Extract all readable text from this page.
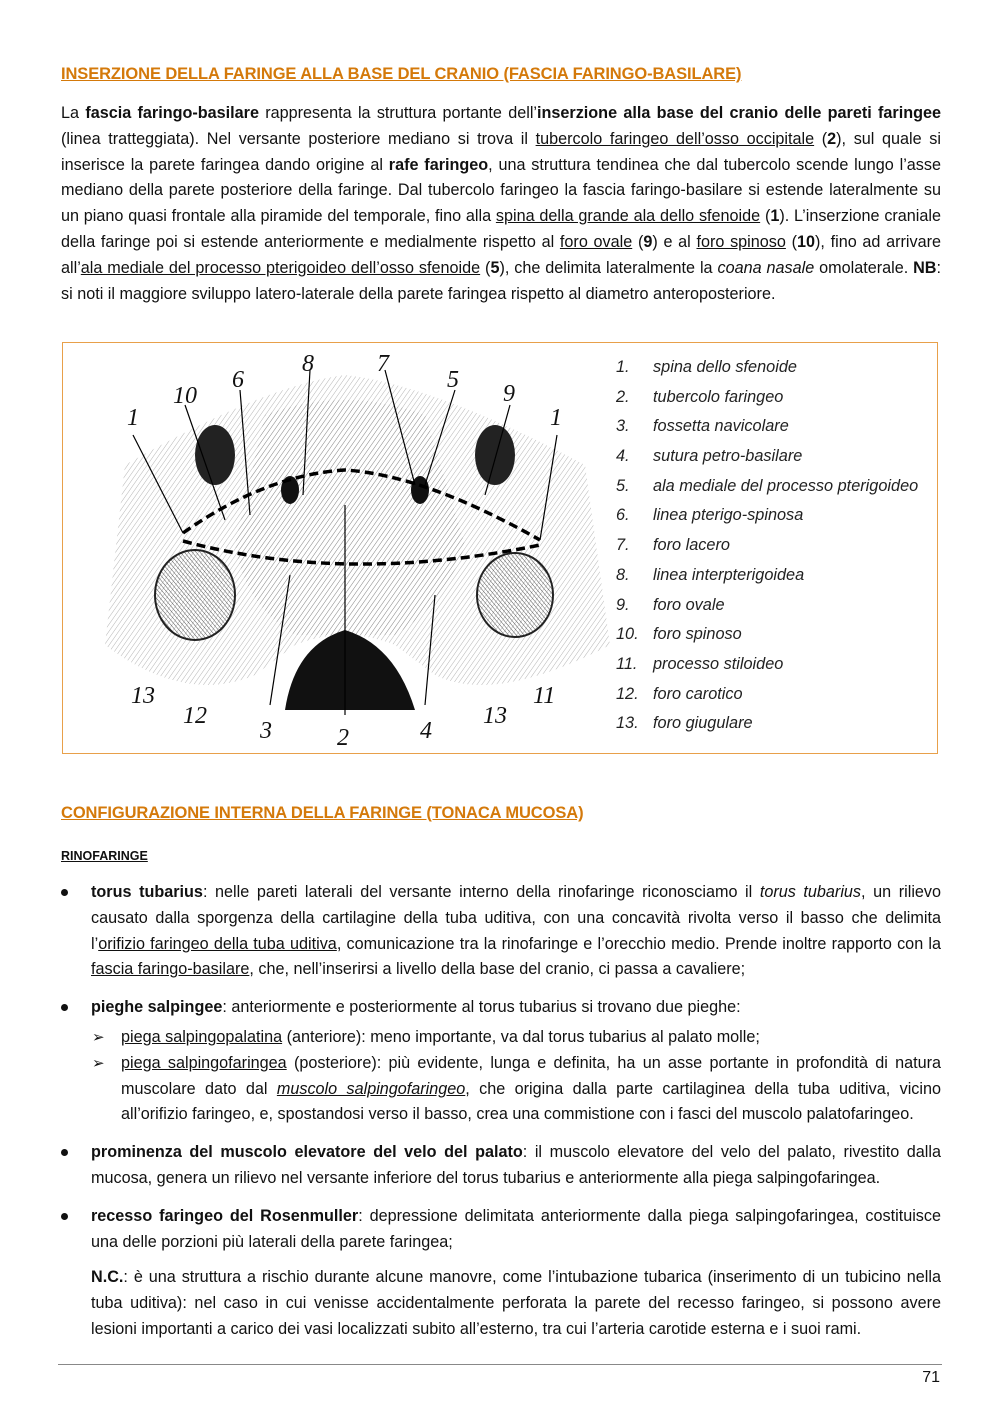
INSERZIONE DELLA FARINGE ALLA BASE DEL CRANIO (FASCIA FARINGO-BASILARE)

La fascia faringo-basilare rappresenta la struttura portante dell’inserzione alla base del cranio delle pareti faringee (linea tratteggiata). Nel versante posteriore mediano si trova il tubercolo faringeo dell’osso occipitale (2), sul quale si inserisce la parete faringea dando origine al rafe faringeo, una struttura tendinea che dal tubercolo scende lungo l’asse mediano della parete posteriore della faringe. Dal tubercolo faringeo la fascia faringo-basilare si estende lateralmente su un piano quasi frontale alla piramide del temporale, fino alla spina della grande ala dello sfenoide (1). L’inserzione craniale della faringe poi si estende anteriormente e medialmente rispetto al foro ovale (9) e al foro spinoso (10), fino ad arrivare all’ala mediale del processo pterigoideo dell’osso sfenoide (5), che delimita lateralmente la coana nasale omolaterale. NB: si noti il maggiore sviluppo latero-laterale della parete faringea rispetto al diametro anteroposteriore.

10
6
8	7
5
9
1	1
13
12
3	2	4
13
11
1. spina dello sfenoide
2. tubercolo faringeo
3. fossetta navicolare
4. sutura petro-basilare
5. ala mediale del processo pterigoideo
6. linea pterigo-spinosa
7. foro lacero
8. linea interpterigoidea
9. foro ovale
10. foro spinoso
11. processo stiloideo
12. foro carotico
13. foro giugulare
CONFIGURAZIONE INTERNA DELLA FARINGE (TONACA MUCOSA)
RINOFARINGE

torus tubarius: nelle pareti laterali del versante interno della rinofaringe riconosciamo il torus tubarius, un rilievo causato dalla sporgenza della cartilagine della tuba uditiva, con una concavità rivolta verso il basso che delimita l’orifizio faringeo della tuba uditiva, comunicazione tra la rinofaringe e l’orecchio medio. Prende inoltre rapporto con la fascia faringo-basilare, che, nell’inserirsi a livello della base del cranio, ci passa a cavaliere;

pieghe salpingee: anteriormente e posteriormente al torus tubarius si trovano due pieghe:

➢ piega salpingopalatina (anteriore): meno importante, va dal torus tubarius al palato molle;

➢ piega salpingofaringea (posteriore): più evidente, lunga e definita, ha un asse portante in profondità di natura muscolare dato dal muscolo salpingofaringeo, che origina dalla parte cartilaginea della tuba uditiva, vicino all’orifizio faringeo, e, spostandosi verso il basso, crea una commistione con i fasci del muscolo palatofaringeo.

prominenza del muscolo elevatore del velo del palato: il muscolo elevatore del velo del palato, rivestito dalla mucosa, genera un rilievo nel versante inferiore del torus tubarius e anteriormente alla piega salpingofaringea.

recesso faringeo del Rosenmuller: depressione delimitata anteriormente dalla piega salpingofaringea, costituisce una delle porzioni più laterali della parete faringea;

N.C.: è una struttura a rischio durante alcune manovre, come l’intubazione tubarica (inserimento di un tubicino nella tuba uditiva): nel caso in cui venisse accidentalmente perforata la parete del recesso faringeo, si possono avere lesioni importanti a carico dei vasi localizzati subito all’esterno, tra cui l’arteria carotide esterna e i suoi rami.

71
